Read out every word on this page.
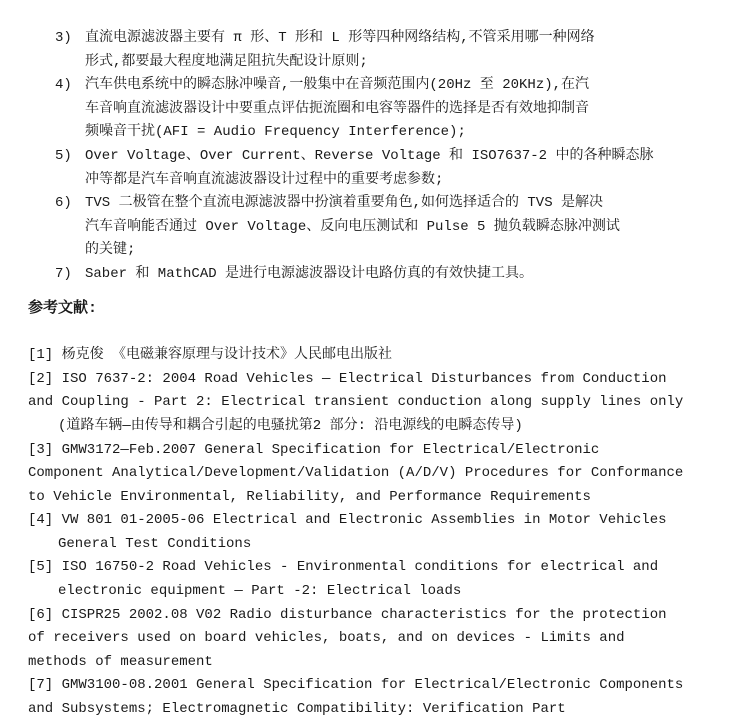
3) 直流电源滤波器主要有 π 形、T 形和 L 形等四种网络结构,不管采用哪一种网络
形式,都要最大程度地满足阻抗失配设计原则;
4) 汽车供电系统中的瞬态脉冲噪音,一般集中在音频范围内(20Hz 至 20KHz),在汽
车音响直流滤波器设计中要重点评估扼流圈和电容等器件的选择是否有效地抑制音
频噪音干扰(AFI = Audio Frequency Interference);
5) Over Voltage、Over Current、Reverse Voltage 和 ISO7637-2 中的各种瞬态脉
冲等都是汽车音响直流滤波器设计过程中的重要考虑参数;
6) TVS 二极管在整个直流电源滤波器中扮演着重要角色,如何选择适合的 TVS 是解决
汽车音响能否通过 Over Voltage、反向电压测试和 Pulse 5 抛负载瞬态脉冲测试
的关键;
7) Saber 和 MathCAD 是进行电源滤波器设计电路仿真的有效快捷工具。
参考文献:
[1] 杨克俊 《电磁兼容原理与设计技术》人民邮电出版社
[2] ISO 7637-2: 2004 Road Vehicles — Electrical Disturbances from Conduction
and Coupling - Part 2: Electrical transient conduction along supply lines only
(道路车辆—由传导和耦合引起的电骚扰第2 部分: 沿电源线的电瞬态传导)
[3] GMW3172—Feb.2007 General Specification for Electrical/Electronic
Component Analytical/Development/Validation (A/D/V) Procedures for Conformance
to Vehicle Environmental, Reliability, and Performance Requirements
[4] VW 801 01-2005-06 Electrical and Electronic Assemblies in Motor Vehicles
General Test Conditions
[5] ISO 16750-2 Road Vehicles - Environmental conditions for electrical and
electronic equipment — Part -2: Electrical loads
[6] CISPR25 2002.08 V02 Radio disturbance characteristics for the protection
of receivers used on board vehicles, boats, and on devices - Limits and
methods of measurement
[7] GMW3100-08.2001 General Specification for Electrical/Electronic Components
and Subsystems; Electromagnetic Compatibility: Verification Part
